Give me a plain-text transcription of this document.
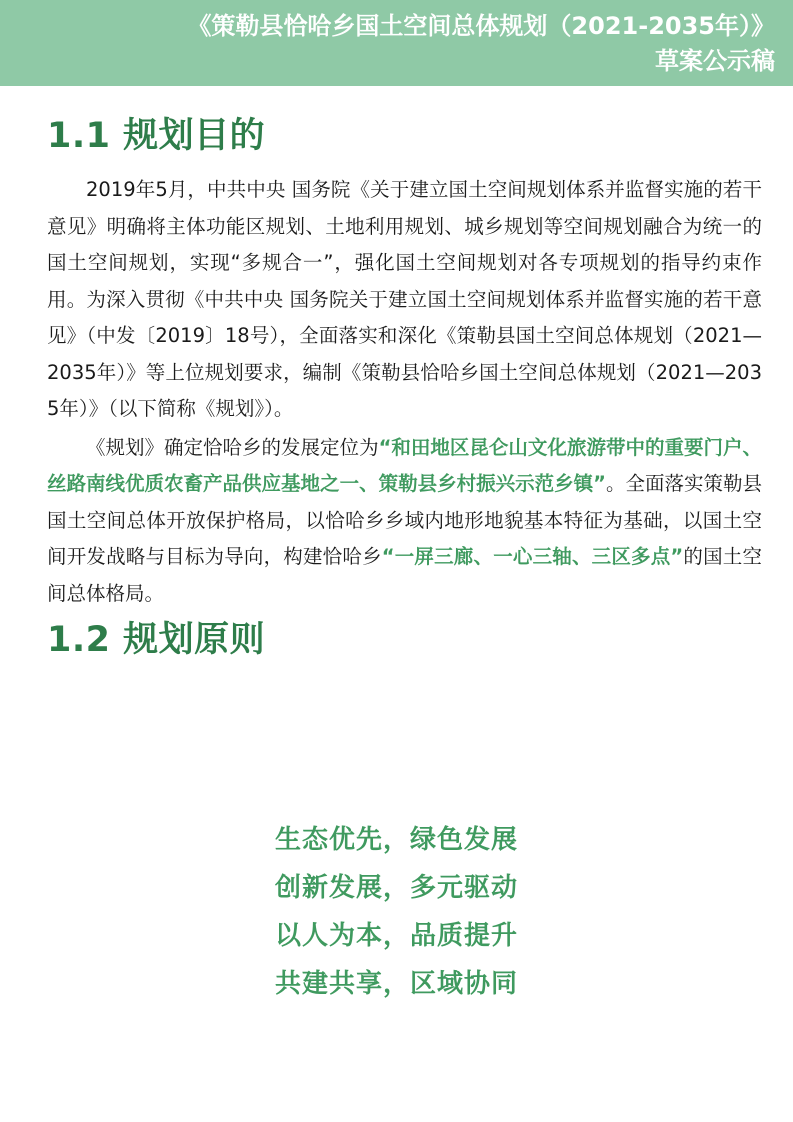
《策勒县恰哈乡国土空间总体规划（2021-2035年）》
草案公示稿
1.1 规划目的

2019年5月，中共中央 国务院《关于建立国土空间规划体系并监督实施的若干意见》明确将主体功能区规划、土地利用规划、城乡规划等空间规划融合为统一的国土空间规划，实现“多规合一”，强化国土空间规划对各专项规划的指导约束作用。为深入贯彻《中共中央 国务院关于建立国土空间规划体系并监督实施的若干意见》（中发〔2019〕18号），全面落实和深化《策勒县国土空间总体规划（2021—2035年）》等上位规划要求，编制《策勒县恰哈乡国土空间总体规划（2021—2035年）》（以下简称《规划》）。

《规划》确定恰哈乡的发展定位为“和田地区昆仑山文化旅游带中的重要门户、丝路南线优质农畜产品供应基地之一、策勒县乡村振兴示范乡镇”。全面落实策勒县国土空间总体开放保护格局，以恰哈乡乡域内地形地貌基本特征为基础，以国土空间开发战略与目标为导向，构建恰哈乡“一屏三廊、一心三轴、三区多点”的国土空间总体格局。

1.2 规划原则
生态优先，绿色发展
创新发展，多元驱动
以人为本，品质提升
共建共享，区域协同
